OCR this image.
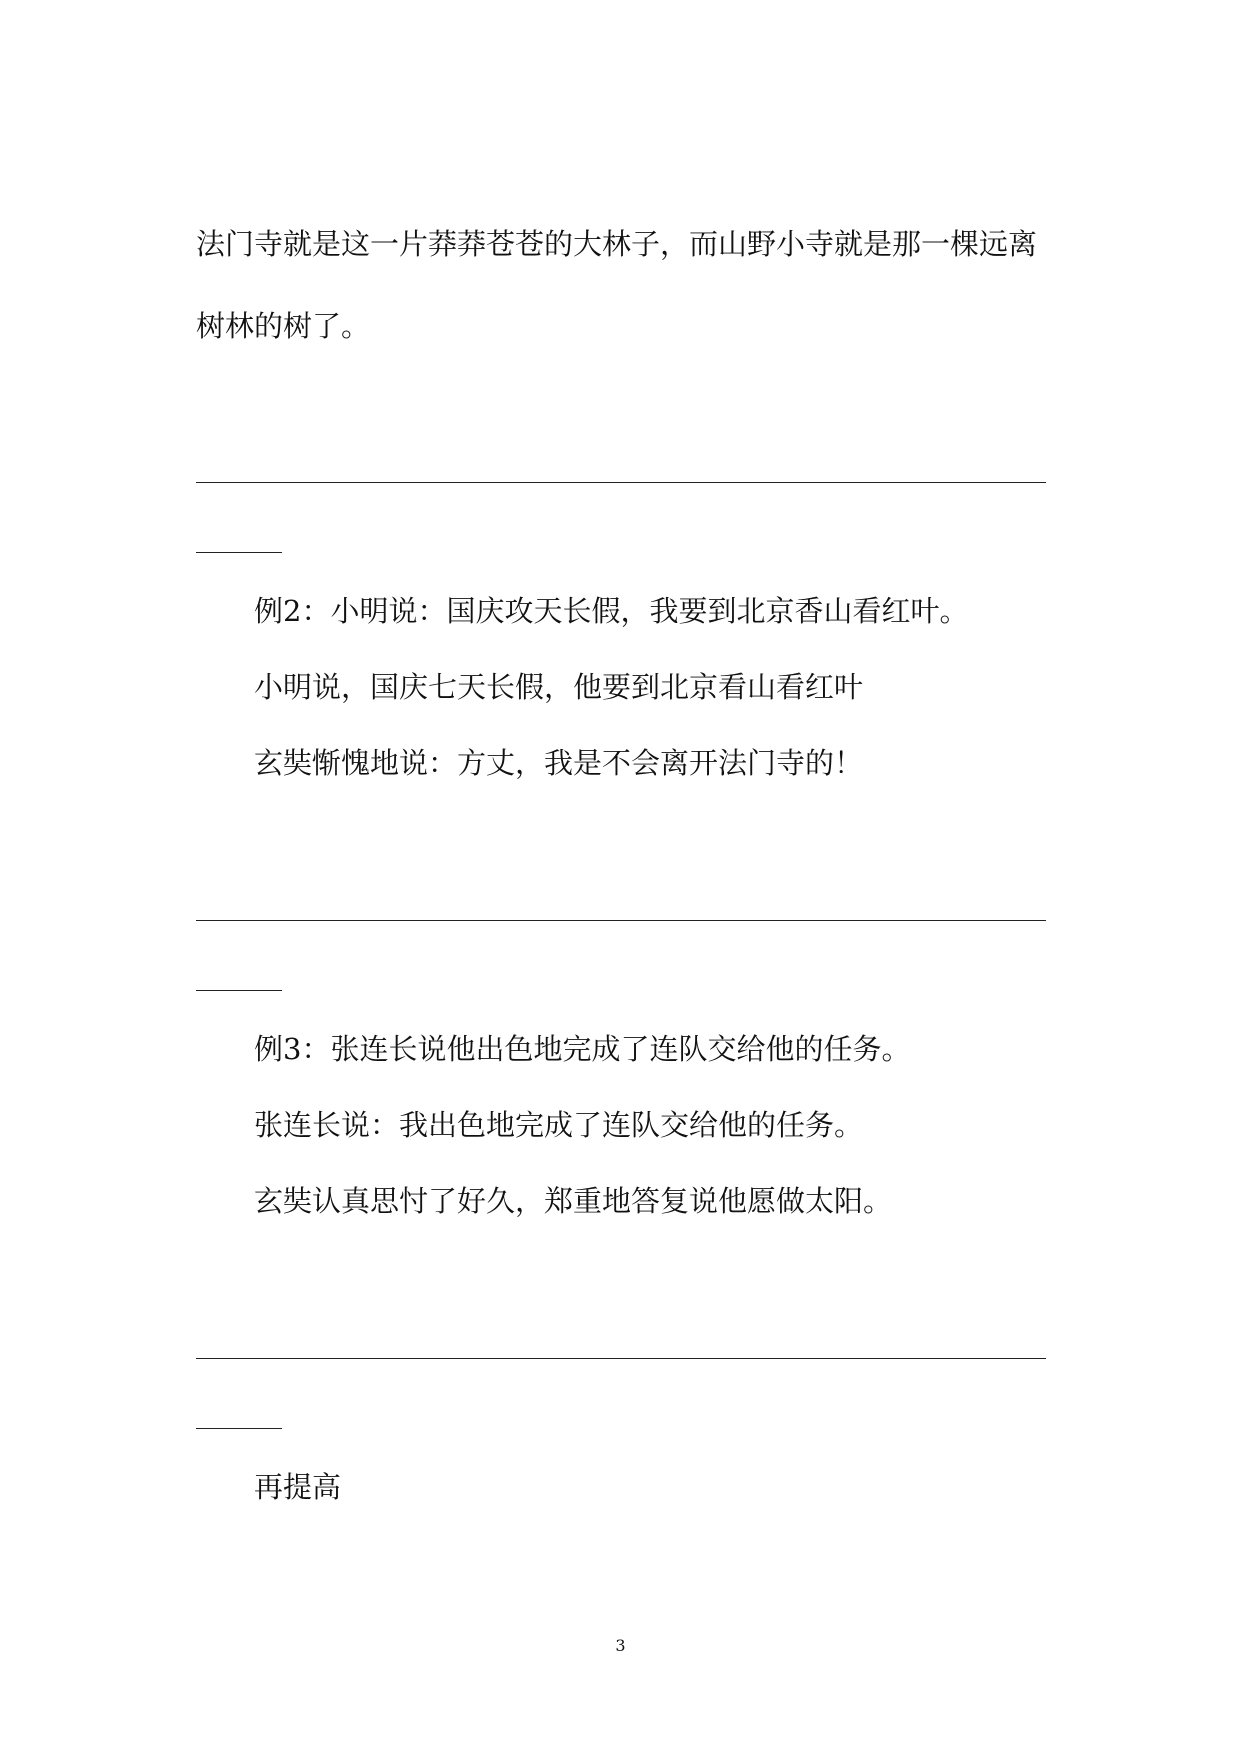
法门寺就是这一片莽莽苍苍的大林子，而山野小寺就是那一棵远离
树林的树了。
例2：小明说：国庆攻天长假，我要到北京香山看红叶。
小明说，国庆七天长假，他要到北京看山看红叶
玄奘惭愧地说：方丈，我是不会离开法门寺的！
例3：张连长说他出色地完成了连队交给他的任务。
张连长说：我出色地完成了连队交给他的任务。
玄奘认真思忖了好久，郑重地答复说他愿做太阳。
再提高
3
